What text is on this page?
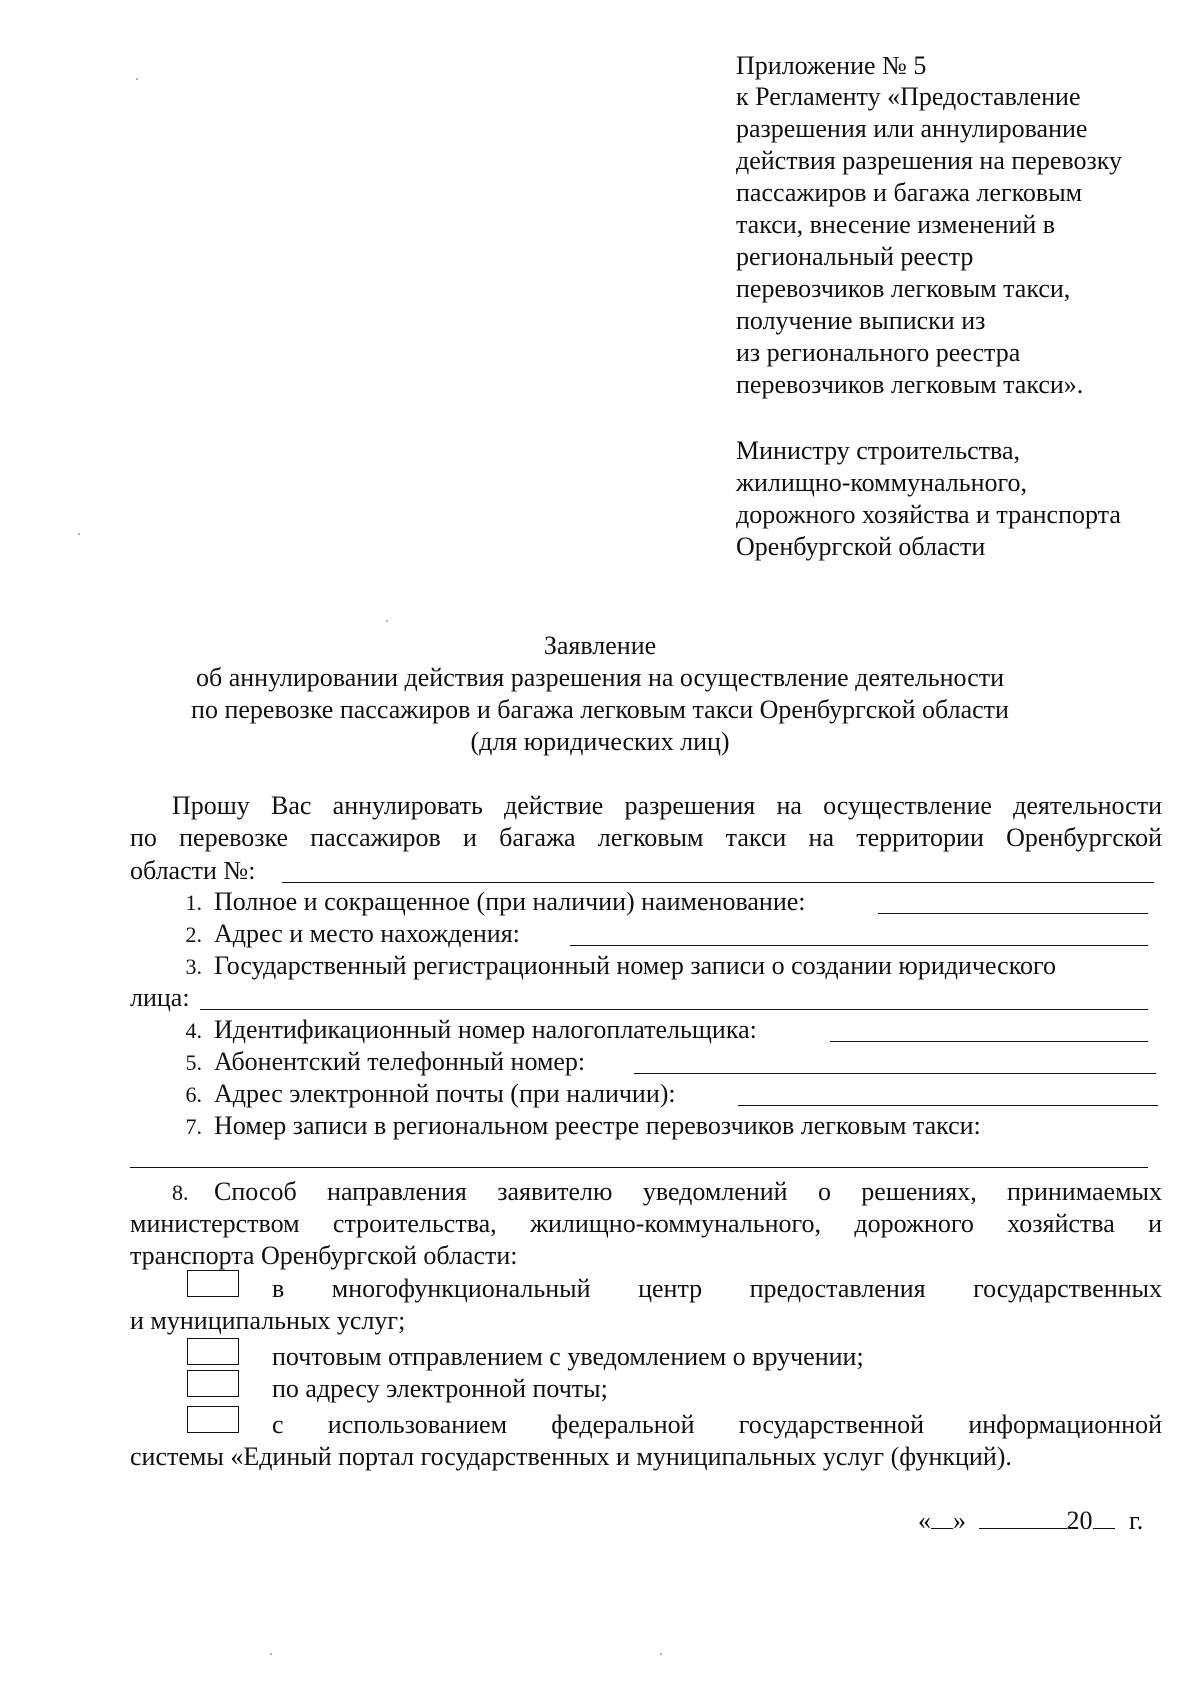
Приложение № 5
к Регламенту «Предоставление
разрешения или аннулирование
действия разрешения на перевозку
пассажиров и багажа легковым
такси, внесение изменений в
региональный реестр
перевозчиков легковым такси,
получение выписки из
из регионального реестра
перевозчиков легковым такси».
Министру строительства,
жилищно-коммунального,
дорожного хозяйства и транспорта
Оренбургской области
Заявление
об аннулировании действия разрешения на осуществление деятельности
по перевозке пассажиров и багажа легковым такси Оренбургской области
(для юридических лиц)
Прошу Вас аннулировать действие разрешения на осуществление деятельности
по перевозке пассажиров и багажа легковым такси на территории Оренбургской
области №:
1. Полное и сокращенное (при наличии) наименование:
2. Адрес и место нахождения:
3. Государственный регистрационный номер записи о создании юридического
лица:
4. Идентификационный номер налогоплательщика:
5. Абонентский телефонный номер:
6. Адрес электронной почты (при наличии):
7. Номер записи в региональном реестре перевозчиков легковым такси:
8. Способ направления заявителю уведомлений о решениях, принимаемых
министерством строительства, жилищно-коммунального, дорожного хозяйства и
транспорта Оренбургской области:
в многофункциональный центр предоставления государственных
и муниципальных услуг;
почтовым отправлением с уведомлением о вручении;
по адресу электронной почты;
с использованием федеральной государственной информационной
системы «Единый портал государственных и муниципальных услуг (функций).
« »	20 г.
